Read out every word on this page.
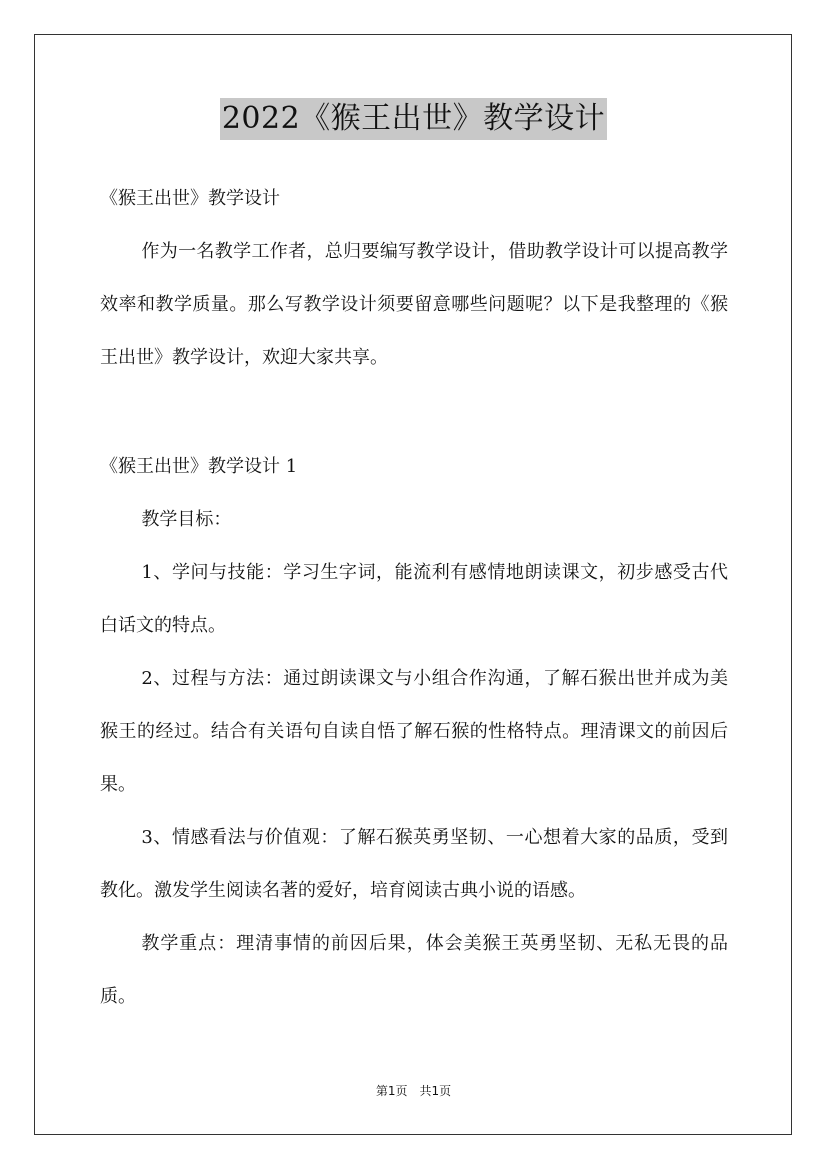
2022《猴王出世》教学设计

《猴王出世》教学设计

作为一名教学工作者，总归要编写教学设计，借助教学设计可以提高教学效率和教学质量。那么写教学设计须要留意哪些问题呢？以下是我整理的《猴王出世》教学设计，欢迎大家共享。

《猴王出世》教学设计 1

教学目标：

1、学问与技能：学习生字词，能流利有感情地朗读课文，初步感受古代白话文的特点。

2、过程与方法：通过朗读课文与小组合作沟通，了解石猴出世并成为美猴王的经过。结合有关语句自读自悟了解石猴的性格特点。理清课文的前因后果。

3、情感看法与价值观：了解石猴英勇坚韧、一心想着大家的品质，受到教化。激发学生阅读名著的爱好，培育阅读古典小说的语感。

教学重点：理清事情的前因后果，体会美猴王英勇坚韧、无私无畏的品质。

第1页　共1页
